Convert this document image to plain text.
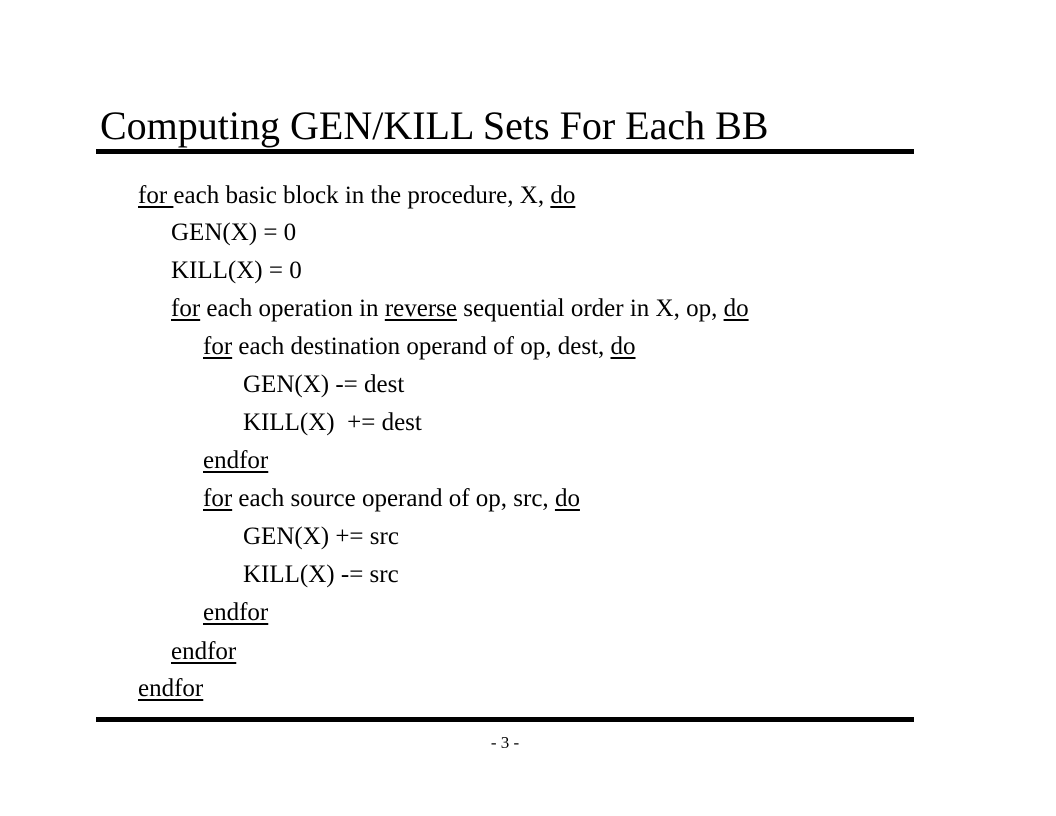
Computing GEN/KILL Sets For Each BB
for each basic block in the procedure, X, do
GEN(X) = 0
KILL(X) = 0
for each operation in reverse sequential order in X, op, do
for each destination operand of op, dest, do
GEN(X) -= dest
KILL(X)  += dest
endfor
for each source operand of op, src, do
GEN(X) += src
KILL(X) -= src
endfor
endfor
endfor
- 3 -
